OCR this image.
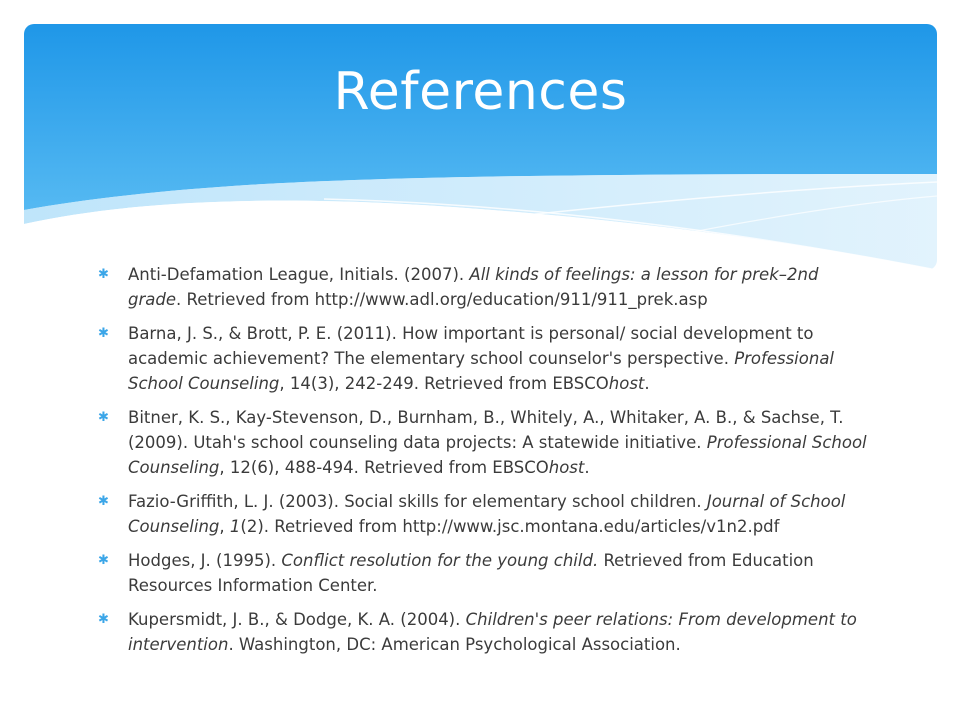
References
✱ Anti-Defamation League, Initials. (2007). All kinds of feelings: a lesson for prek–2nd grade. Retrieved from http://www.adl.org/education/911/911_prek.asp
✱ Barna, J. S., & Brott, P. E. (2011). How important is personal/ social development to academic achievement? The elementary school counselor's perspective. Professional School Counseling, 14(3), 242-249. Retrieved from EBSCOhost.
✱ Bitner, K. S., Kay-Stevenson, D., Burnham, B., Whitely, A., Whitaker, A. B., & Sachse, T. (2009). Utah's school counseling data projects: A statewide initiative. Professional School Counseling, 12(6), 488-494. Retrieved from EBSCOhost.
✱ Fazio-Griffith, L. J. (2003). Social skills for elementary school children. Journal of School Counseling, 1(2). Retrieved from http://www.jsc.montana.edu/articles/v1n2.pdf
✱ Hodges, J. (1995). Conflict resolution for the young child. Retrieved from Education Resources Information Center.
✱ Kupersmidt, J. B., & Dodge, K. A. (2004). Children's peer relations: From development to intervention. Washington, DC: American Psychological Association.
